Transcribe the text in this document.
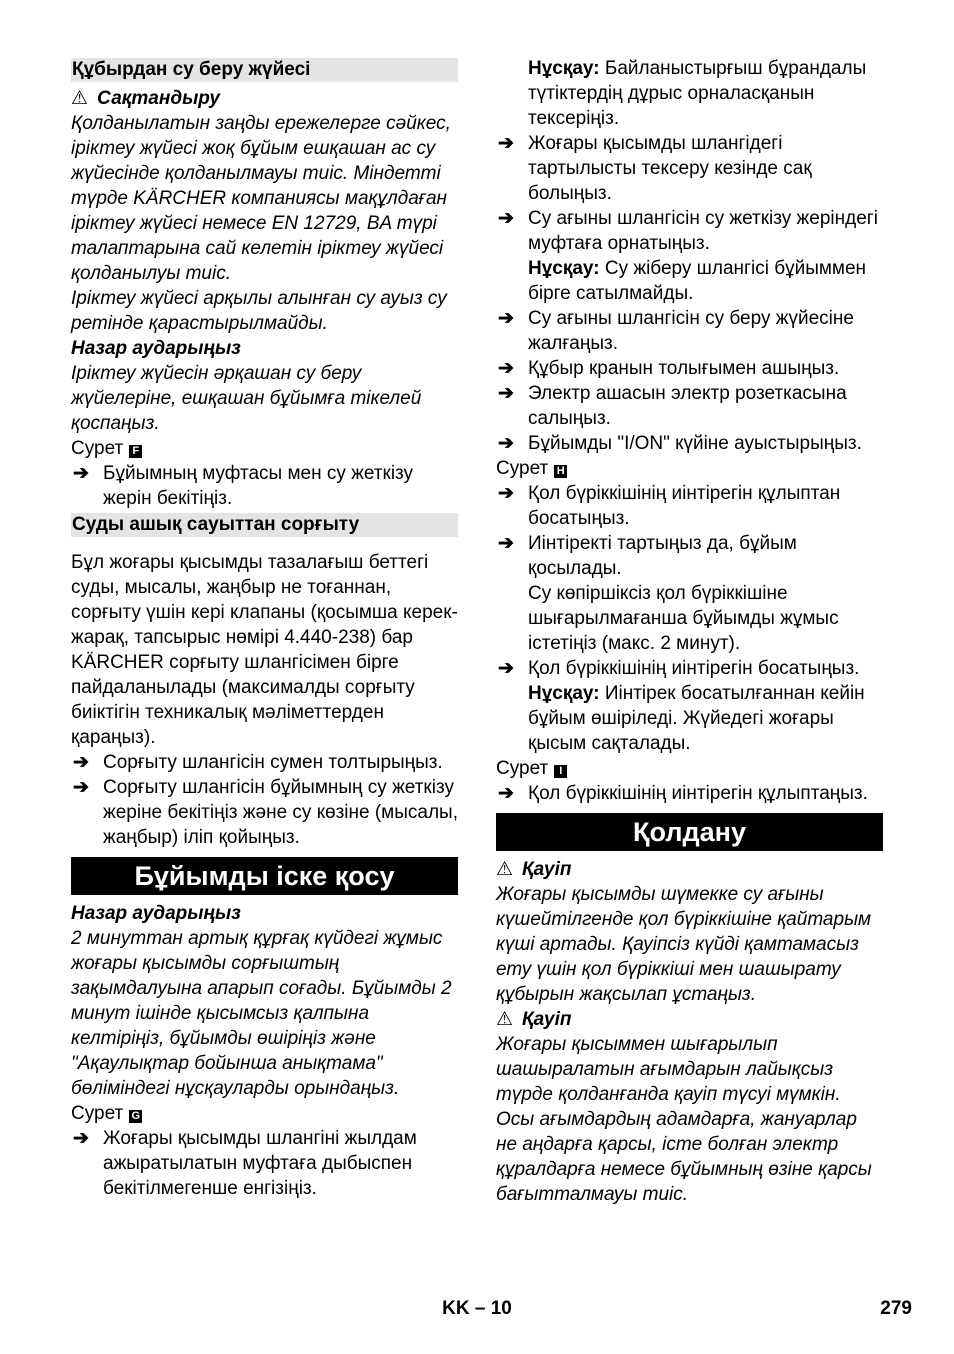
Құбырдан су беру жүйесі
⚠ Сақтандыру
Қолданылатын заңды ережелерге сәйкес, іріктеу жүйесі жоқ бұйым ешқашан ас су жүйесінде қолданылмауы тиіс. Міндетті түрде KÄRCHER компаниясы мақұлдаған іріктеу жүйесі немесе EN 12729, BA түрі талаптарына сай келетін іріктеу жүйесі қолданылуы тиіс.
Іріктеу жүйесі арқылы алынған су ауыз су ретінде қарастырылмайды.
Назар аударыңыз
Іріктеу жүйесін әрқашан су беру жүйелеріне, ешқашан бұйымға тікелей қоспаңыз.
Сурет F
➔ Бұйымның муфтасы мен су жеткізу жерін бекітіңіз.
Суды ашық сауыттан сорғыту
Бұл жоғары қысымды тазалағыш беттегі суды, мысалы, жаңбыр не тоғаннан, сорғыту үшін кері клапаны (қосымша керек-жарақ, тапсырыс нөмірі 4.440-238) бар KÄRCHER сорғыту шлангісімен бірге пайдаланылады (максималды сорғыту биіктігін техникалық мәліметтерден қараңыз).
➔ Сорғыту шлангісін сумен толтырыңыз.
➔ Сорғыту шлангісін бұйымның су жеткізу жеріне бекітіңіз және су көзіне (мысалы, жаңбыр) іліп қойыңыз.
Бұйымды іске қосу
Назар аударыңыз
2 минуттан артық құрғақ күйдегі жұмыс жоғары қысымды сорғыштың зақымдалуына апарып соғады. Бұйымды 2 минут ішінде қысымсыз қалпына келтіріңіз, бұйымды өшіріңіз және "Ақаулықтар бойынша анықтама" бөліміндегі нұсқауларды орындаңыз.
Сурет G
➔ Жоғары қысымды шлангіні жылдам ажыратылатын муфтаға дыбыспен бекітілмегенше енгізіңіз.
Нұсқау: Байланыстырғыш бұрандалы түтіктердің дұрыс орналасқанын тексеріңіз.
➔ Жоғары қысымды шлангідегі тартылысты тексеру кезінде сақ болыңыз.
➔ Су ағыны шлангісін су жеткізу жеріндегі муфтаға орнатыңыз.
Нұсқау: Су жіберу шлангісі бұйыммен бірге сатылмайды.
➔ Су ағыны шлангісін су беру жүйесіне жалғаңыз.
➔ Құбыр кранын толығымен ашыңыз.
➔ Электр ашасын электр розеткасына салыңыз.
➔ Бұйымды "I/ON" күйіне ауыстырыңыз.
Сурет H
➔ Қол бүріккішінің иінтірегін құлыптан босатыңыз.
➔ Иінтіректі тартыңыз да, бұйым қосылады.
Су көпіршіксіз қол бүріккішіне шығарылмағанша бұйымды жұмыс істетіңіз (макс. 2 минут).
➔ Қол бүріккішінің иінтірегін босатыңыз.
Нұсқау: Иінтірек босатылғаннан кейін бұйым өшіріледі. Жүйедегі жоғары қысым сақталады.
Сурет I
➔ Қол бүріккішінің иінтірегін құлыптаңыз.
Қолдану
⚠ Қауіп
Жоғары қысымды шүмекке су ағыны күшейтілгенде қол бүріккішіне қайтарым күші артады. Қауіпсіз күйді қамтамасыз ету үшін қол бүріккіші мен шашырату құбырын жақсылап ұстаңыз.
⚠ Қауіп
Жоғары қысыммен шығарылып шашыралатын ағымдарын лайықсыз түрде қолданғанда қауіп түсуі мүмкін. Осы ағымдардың адамдарға, жануарлар не аңдарға қарсы, істе болған электр құралдарға немесе бұйымның өзіне қарсы бағытталмауы тиіс.
KK – 10	279
